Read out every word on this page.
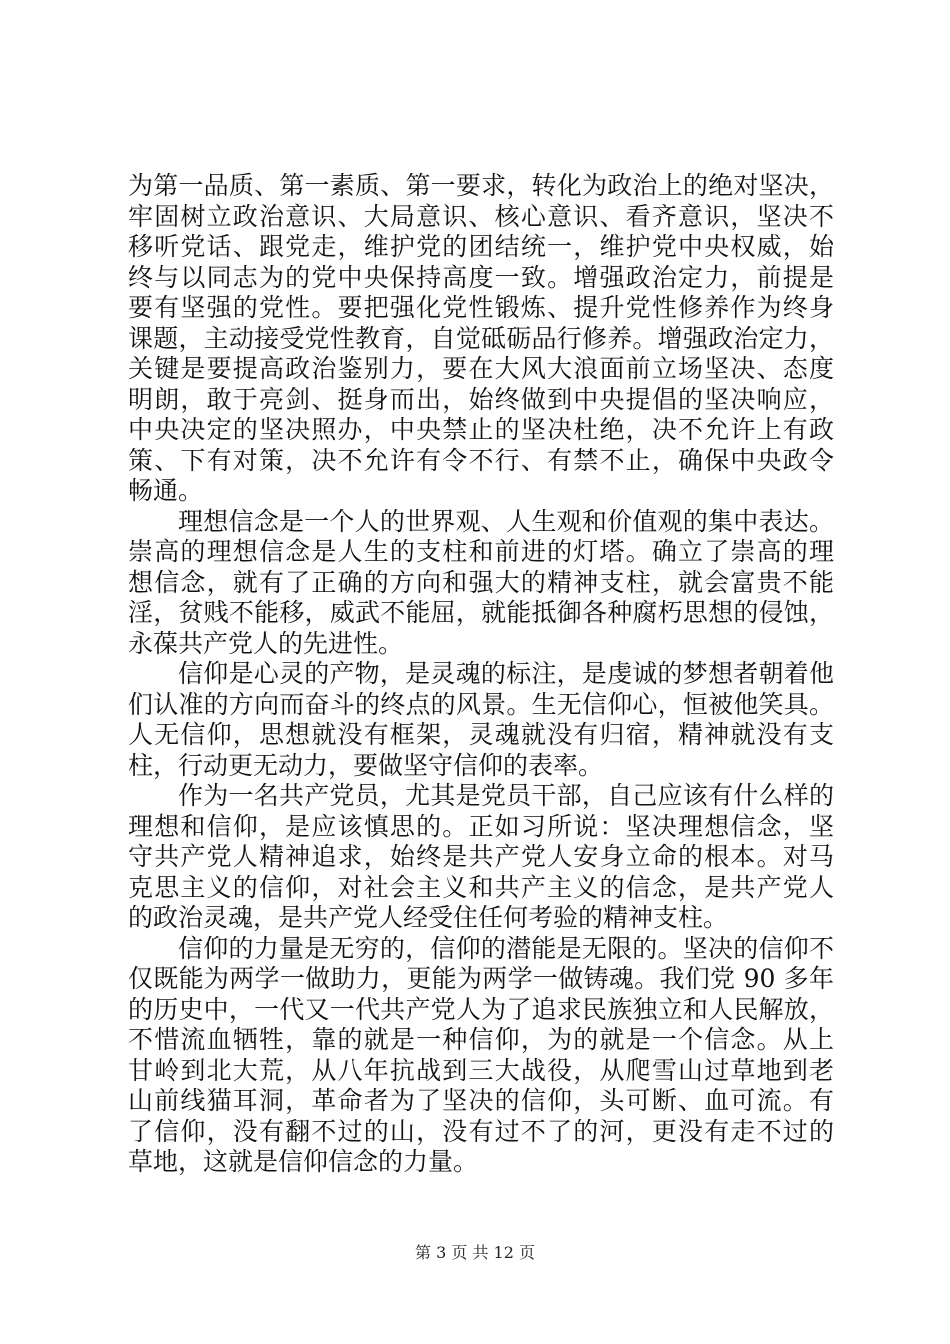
为第一品质、第一素质、第一要求，转化为政治上的绝对坚决，
牢固树立政治意识、大局意识、核心意识、看齐意识，坚决不
移听党话、跟党走，维护党的团结统一，维护党中央权威，始
终与以同志为的党中央保持高度一致。增强政治定力，前提是
要有坚强的党性。要把强化党性锻炼、提升党性修养作为终身
课题，主动接受党性教育，自觉砥砺品行修养。增强政治定力，
关键是要提高政治鉴别力，要在大风大浪面前立场坚决、态度
明朗，敢于亮剑、挺身而出，始终做到中央提倡的坚决响应，
中央决定的坚决照办，中央禁止的坚决杜绝，决不允许上有政
策、下有对策，决不允许有令不行、有禁不止，确保中央政令
畅通。
理想信念是一个人的世界观、人生观和价值观的集中表达。
崇高的理想信念是人生的支柱和前进的灯塔。确立了崇高的理
想信念，就有了正确的方向和强大的精神支柱，就会富贵不能
淫，贫贱不能移，威武不能屈，就能抵御各种腐朽思想的侵蚀，
永葆共产党人的先进性。
信仰是心灵的产物，是灵魂的标注，是虔诚的梦想者朝着他
们认准的方向而奋斗的终点的风景。生无信仰心，恒被他笑具。
人无信仰，思想就没有框架，灵魂就没有归宿，精神就没有支
柱，行动更无动力，要做坚守信仰的表率。
作为一名共产党员，尤其是党员干部，自己应该有什么样的
理想和信仰，是应该慎思的。正如习所说：坚决理想信念，坚
守共产党人精神追求，始终是共产党人安身立命的根本。对马
克思主义的信仰，对社会主义和共产主义的信念，是共产党人
的政治灵魂，是共产党人经受住任何考验的精神支柱。
信仰的力量是无穷的，信仰的潜能是无限的。坚决的信仰不
仅既能为两学一做助力，更能为两学一做铸魂。我们党 90 多年
的历史中，一代又一代共产党人为了追求民族独立和人民解放，
不惜流血牺牲，靠的就是一种信仰，为的就是一个信念。从上
甘岭到北大荒，从八年抗战到三大战役，从爬雪山过草地到老
山前线猫耳洞，革命者为了坚决的信仰，头可断、血可流。有
了信仰，没有翻不过的山，没有过不了的河，更没有走不过的
草地，这就是信仰信念的力量。
第 3 页 共 12 页
